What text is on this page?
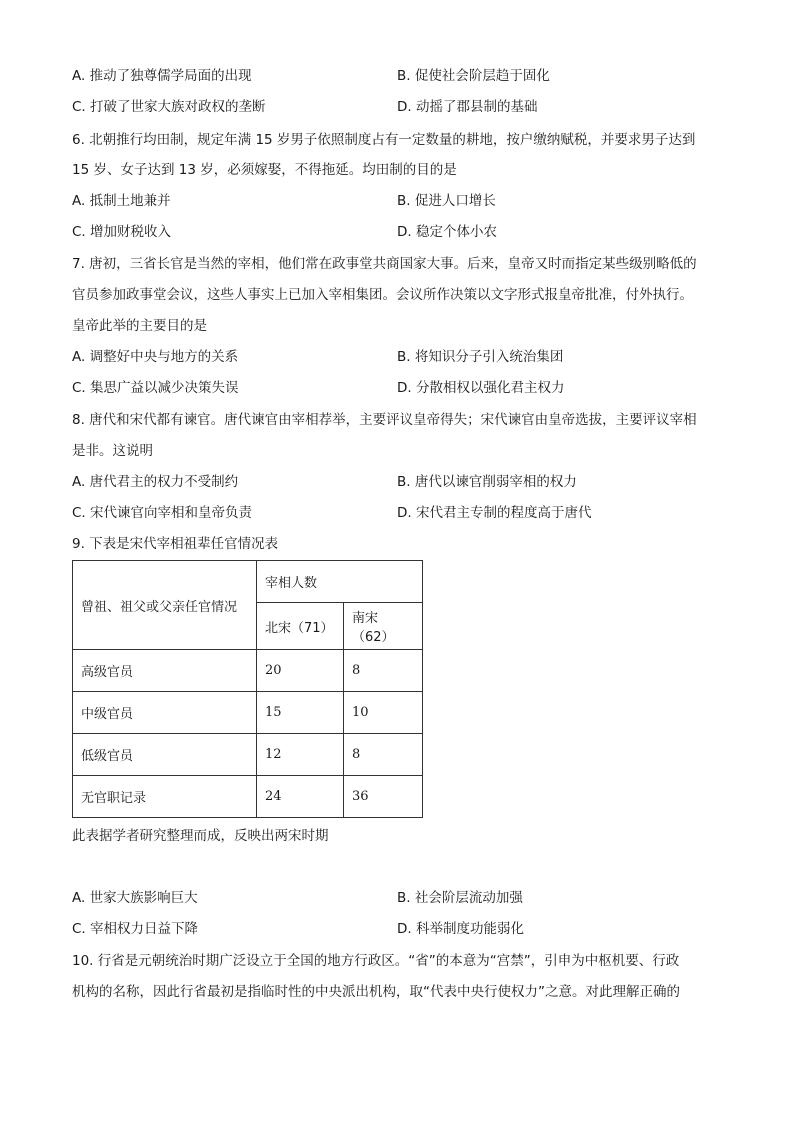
A. 推动了独尊儒学局面的出现	B. 促使社会阶层趋于固化
C. 打破了世家大族对政权的垄断	D. 动摇了郡县制的基础
6. 北朝推行均田制，规定年满 15 岁男子依照制度占有一定数量的耕地，按户缴纳赋税，并要求男子达到
15 岁、女子达到 13 岁，必须嫁娶，不得拖延。均田制的目的是
A. 抵制土地兼并	B. 促进人口增长
C. 增加财税收入	D. 稳定个体小农
7. 唐初，三省长官是当然的宰相，他们常在政事堂共商国家大事。后来，皇帝又时而指定某些级别略低的
官员参加政事堂会议，这些人事实上已加入宰相集团。会议所作决策以文字形式报皇帝批准，付外执行。
皇帝此举的主要目的是
A. 调整好中央与地方的关系	B. 将知识分子引入统治集团
C. 集思广益以减少决策失误	D. 分散相权以强化君主权力
8. 唐代和宋代都有谏官。唐代谏官由宰相荐举，主要评议皇帝得失；宋代谏官由皇帝选拔，主要评议宰相
是非。这说明
A. 唐代君主的权力不受制约	B. 唐代以谏官削弱宰相的权力
C. 宋代谏官向宰相和皇帝负责	D. 宋代君主专制的程度高于唐代
9. 下表是宋代宰相祖辈任官情况表
曾祖、祖父或父亲任官情况	宰相人数	
	北宋（71）	南宋（62）
高级官员	20	8
中级官员	15	10
低级官员	12	8
无官职记录	24	36
此表据学者研究整理而成，反映出两宋时期
A. 世家大族影响巨大	B. 社会阶层流动加强
C. 宰相权力日益下降	D. 科举制度功能弱化
10. 行省是元朝统治时期广泛设立于全国的地方行政区。“省”的本意为“宫禁”，引申为中枢机要、行政
机构的名称，因此行省最初是指临时性的中央派出机构，取“代表中央行使权力”之意。对此理解正确的
